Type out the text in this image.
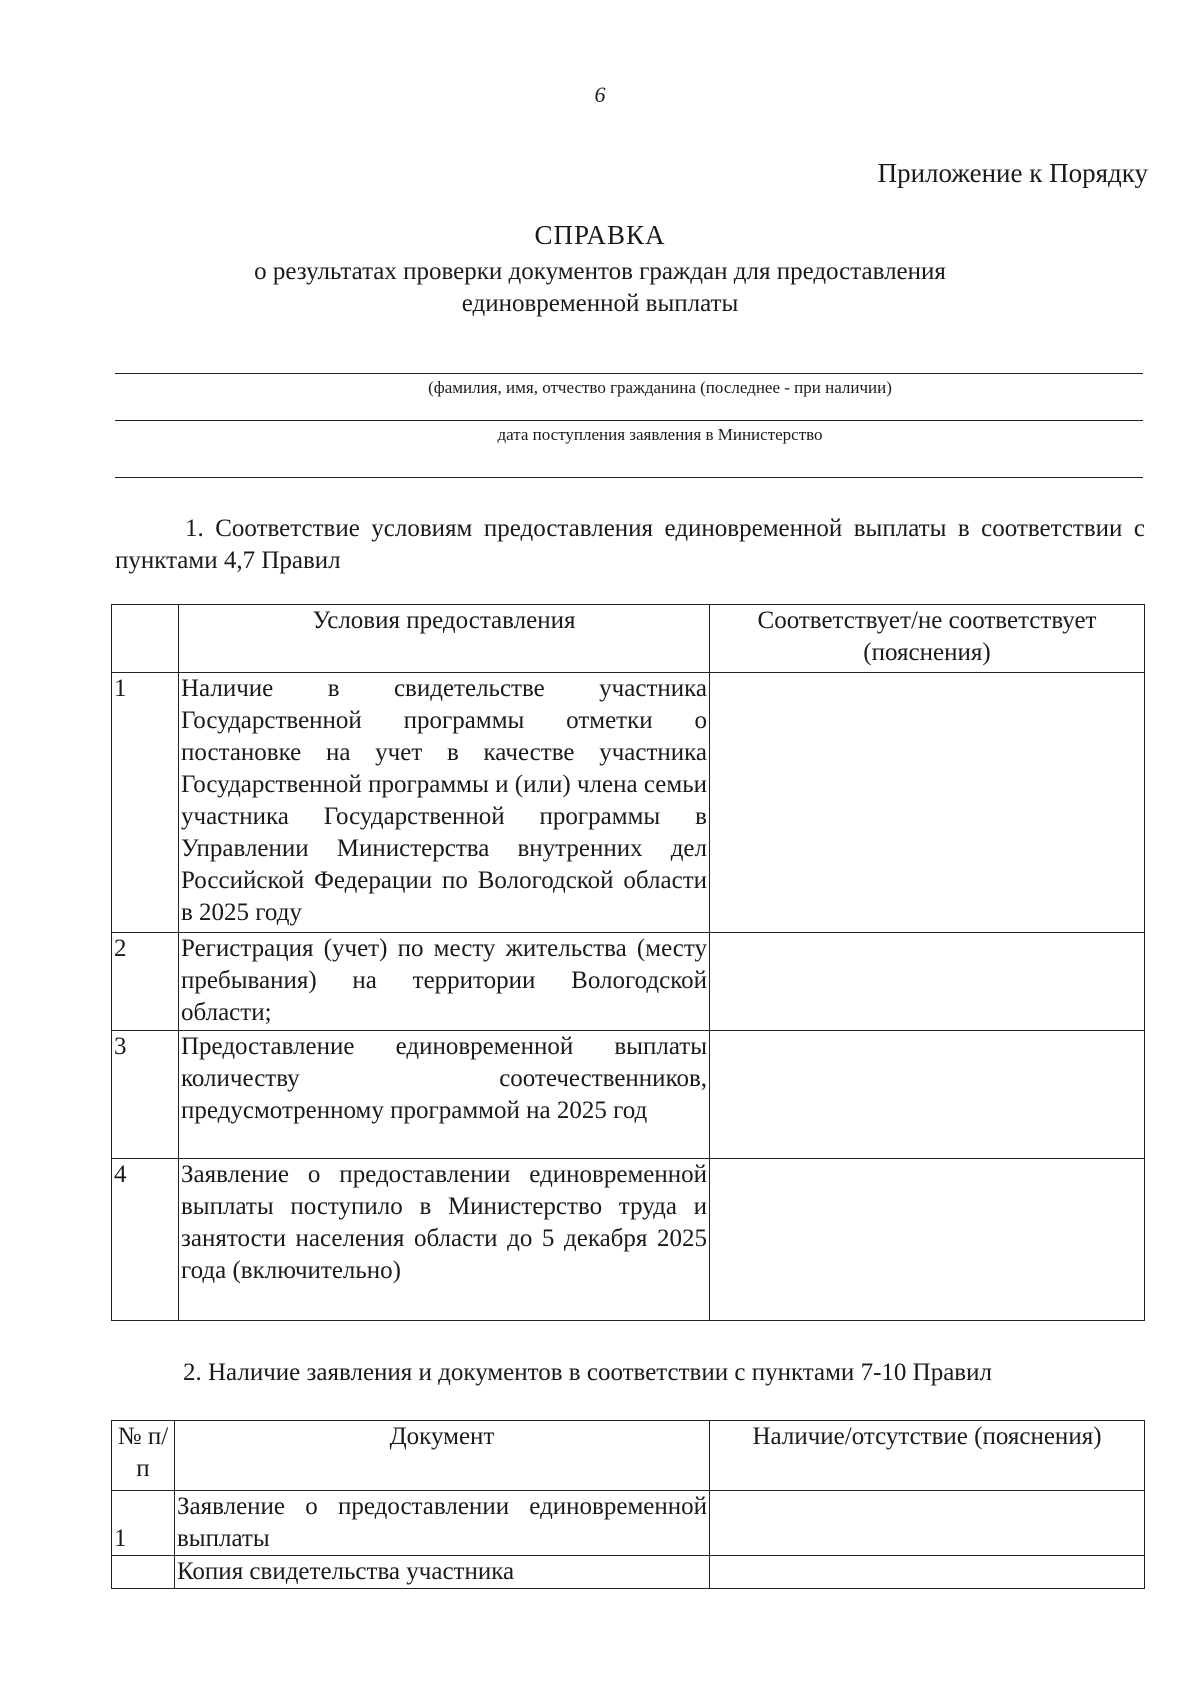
6
Приложение к Порядку
СПРАВКА
о результатах проверки документов граждан для предоставления
единовременной выплаты
(фамилия, имя, отчество гражданина (последнее - при наличии)
дата поступления заявления в Министерство
1. Соответствие условиям предоставления единовременной выплаты в соответствии с пунктами 4,7 Правил
	Условия предоставления	Соответствует/не соответствует (пояснения)
1	Наличие в свидетельстве участника Государственной программы отметки о постановке на учет в качестве участника Государственной программы и (или) члена семьи участника Государственной программы в Управлении Министерства внутренних дел Российской Федерации по Вологодской области в 2025 году	
2	Регистрация (учет) по месту жительства (месту пребывания) на территории Вологодской области;	
3	Предоставление единовременной выплаты количеству соотечественников, предусмотренному программой на 2025 год	
4	Заявление о предоставлении единовременной выплаты поступило в Министерство труда и занятости населения области до 5 декабря 2025 года (включительно)	
2. Наличие заявления и документов в соответствии с пунктами 7-10 Правил
№ п/п	Документ	Наличие/отсутствие (пояснения)
1	Заявление о предоставлении единовременной выплаты	
	Копия свидетельства участника	
